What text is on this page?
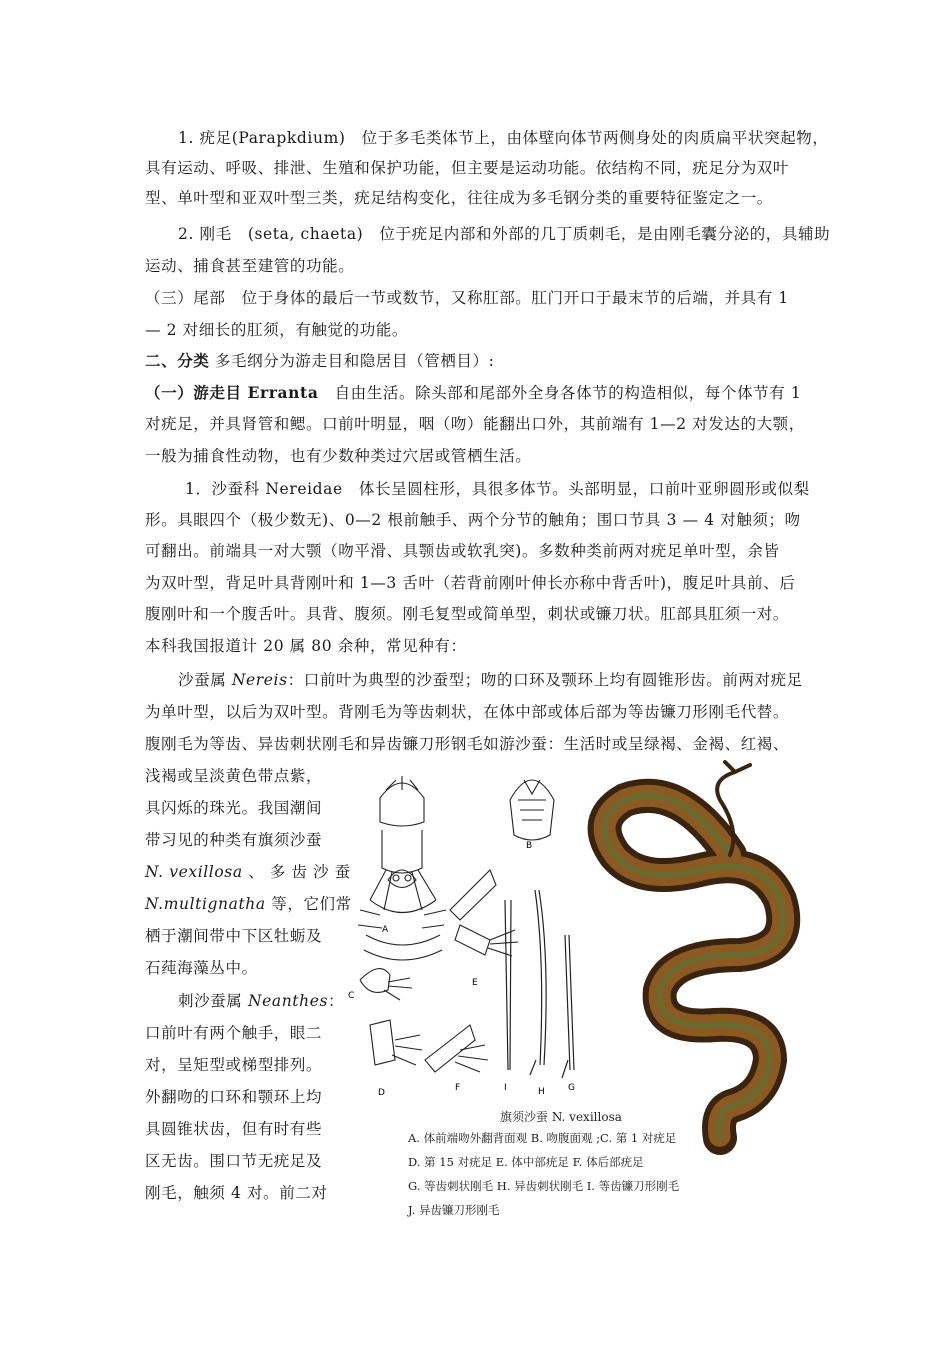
1. 疣足(Parapkdium)　位于多毛类体节上，由体壁向体节两侧身处的肉质扁平状突起物，
具有运动、呼吸、排泄、生殖和保护功能，但主要是运动功能。依结构不同，疣足分为双叶
型、单叶型和亚双叶型三类，疣足结构变化，往往成为多毛钢分类的重要特征鉴定之一。
2. 刚毛　(seta, chaeta)　位于疣足内部和外部的几丁质刺毛，是由刚毛囊分泌的，具辅助
运动、捕食甚至建管的功能。
（三）尾部　位于身体的最后一节或数节，又称肛部。肛门开口于最末节的后端，并具有 1
— 2 对细长的肛须，有触觉的功能。
二、分类 多毛纲分为游走目和隐居目（管栖目）:
（一）游走目 Erranta　自由生活。除头部和尾部外全身各体节的构造相似，每个体节有 1
对疣足，并具肾管和鳃。口前叶明显，咽（吻）能翻出口外，其前端有 1—2 对发达的大颚，
一般为捕食性动物，也有少数种类过穴居或管栖生活。
1．沙蚕科 Nereidae　体长呈圆柱形，具很多体节。头部明显，口前叶亚卵圆形或似梨
形。具眼四个（极少数无)、0—2 根前触手、两个分节的触角；围口节具 3 — 4 对触须；吻
可翻出。前端具一对大颚（吻平滑、具颚齿或软乳突)。多数种类前两对疣足单叶型，余皆
为双叶型，背足叶具背刚叶和 1—3 舌叶（若背前刚叶伸长亦称中背舌叶)，腹足叶具前、后
腹刚叶和一个腹舌叶。具背、腹须。刚毛复型或简单型，刺状或镰刀状。肛部具肛须一对。
本科我国报道计 20 属 80 余种，常见种有：
沙蚕属 Nereis：口前叶为典型的沙蚕型；吻的口环及颚环上均有圆锥形齿。前两对疣足
为单叶型，以后为双叶型。背刚毛为等齿刺状，在体中部或体后部为等齿镰刀形刚毛代替。
腹刚毛为等齿、异齿刺状刚毛和异齿镰刀形钢毛如游沙蚕：生活时或呈绿褐、金褐、红褐、
浅褐或呈淡黄色带点紫，
具闪烁的珠光。我国潮间
带习见的种类有旗须沙蚕
N. vexillosa 、 多 齿 沙 蚕
N.multignatha 等，它们常
栖于潮间带中下区牡蛎及
石莼海藻丛中。
刺沙蚕属 Neanthes：
口前叶有两个触手，眼二
对，呈矩型或梯型排列。
外翻吻的口环和颚环上均
具圆锥状齿，但有时有些
区无齿。围口节无疣足及
刚毛，触须 4 对。前二对
A
B
C
E
D	F	I	H	G
旗须沙蚕 N. vexillosa
A. 体前端吻外翻背面观 B. 吻腹面观 ;C. 第 1 对疣足
D. 第 15 对疣足 E. 体中部疣足 F. 体后部疣足
G. 等齿刺状刚毛 H. 异齿刺状刚毛 I. 等齿镰刀形刚毛
J. 异齿镰刀形刚毛
